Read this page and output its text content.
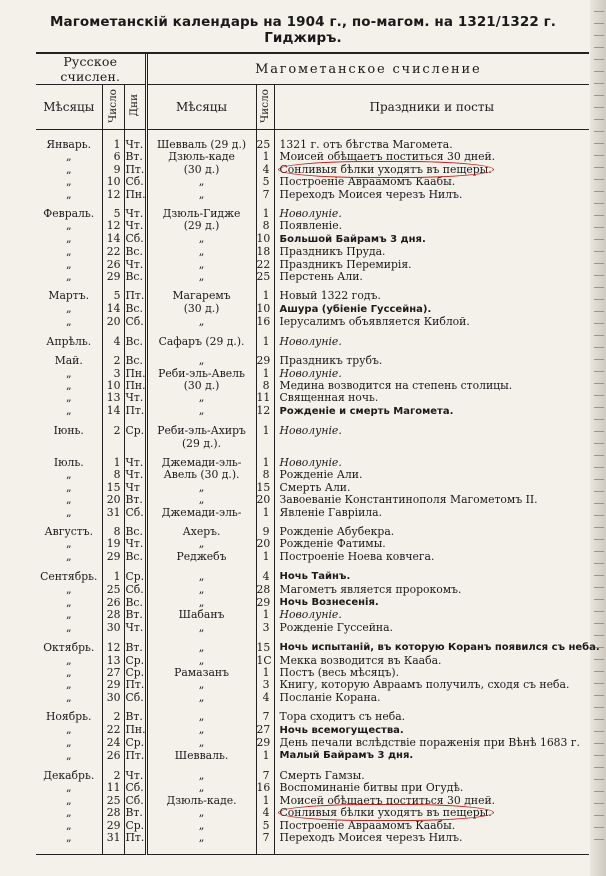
Магометанскій календарь на 1904 г., по-магом. на 1321/1322 г. Гиджиръ.
Русское счислен.			Магометанское счисление		
Мѣсяцы	Число	Дни	Мѣсяцы	Число	Праздники и посты
Январь.	1	Чт.	Шевваль (29 д.)	25	1321 г. отъ бѣгства Магомета.
„	6	Вт.	Дзюль-каде	1	Моисей обѣщаетъ поститься 30 дней.
„	9	Пт.	(30 д.)	4	Сонливыя бѣлки уходятъ въ пещеры.
„	10	Сб.	„	5	Построеніе Авраамомъ Каабы.
„	12	Пн.	„	7	Переходъ Моисея черезъ Нилъ.

Февраль.	5	Чт.	Дзюль-Гидже	1	Новолуніе.
„	12	Чт.	(29 д.)	8	Появленіе.
„	14	Сб.	„	10	Большой Байрамъ 3 дня.
„	22	Вс.	„	18	Праздникъ Пруда.
„	26	Чт.	„	22	Праздникъ Перемирія.
„	29	Вс.	„	25	Перстень Али.

Мартъ.	5	Пт.	Магаремъ	1	Новый 1322 годъ.
„	14	Вс.	(30 д.)	10	Ашура (убіеніе Гуссейна).
„	20	Сб.	„	16	Іерусалимъ объявляется Киблой.

Апрѣль.	4	Вс.	Сафаръ (29 д.).	1	Новолуніе.

Май.	2	Вс.	„	29	Праздникъ трубъ.
„	3	Пн.	Реби-эль-Авель	1	Новолуніе.
„	10	Пн.	(30 д.)	8	Медина возводится на степень столицы.
„	13	Чт.	„	11	Священная ночь.
„	14	Пт.	„	12	Рожденіе и смерть Магомета.

Іюнь.	2	Ср.	Реби-эль-Ахиръ	1	Новолуніе.
			(29 д.).		

Іюль.	1	Чт.	Джемади-эль-	1	Новолуніе.
„	8	Чт.	Авель (30 д.).	8	Рожденіе Али.
„	15	Чт	„	15	Смерть Али.
„	20	Вт.	„	20	Завоеваніе Константинополя Магометомъ II.
„	31	Сб.	Джемади-эль-	1	Явленіе Гавріила.

Августъ.	8	Вс.	Ахеръ.	9	Рожденіе Абубекра.
„	19	Чт.	„	20	Рожденіе Фатимы.
„	29	Вс.	Реджебъ	1	Построеніе Ноева ковчега.

Сентябрь.	1	Ср.	„	4	Ночь Тайнъ.
„	25	Сб.	„	28	Магометъ является пророкомъ.
„	26	Вс.	„	29	Ночь Вознесенія.
„	28	Вт.	Шабанъ	1	Новолуніе.
„	30	Чт.	„	3	Рожденіе Гуссейна.

Октябрь.	12	Вт.	„	15	Ночь испытаній, въ которую Коранъ появился съ неба.
„	13	Ср.	„	1С	Мекка возводится въ Кааба.
„	27	Ср.	Рамазанъ	1	Постъ (весь мѣсяцъ).
„	29	Пт.	„	3	Книгу, которую Авраамъ получилъ, сходя съ неба.
„	30	Сб.	„	4	Посланіе Корана.

Ноябрь.	2	Вт.	„	7	Тора сходитъ съ неба.
„	22	Пн.	„	27	Ночь всемогущества.
„	24	Ср.	„	29	День печали вслѣдствіе пораженія при Вѣнѣ 1683 г.
„	26	Пт.	Шевваль.	1	Малый Байрамъ 3 дня.

Декабрь.	2	Чт.	„	7	Смерть Гамзы.
„	11	Сб.	„	16	Воспоминаніе битвы при Огудѣ.
„	25	Сб.	Дзюль-каде.	1	Моисей обѣщаетъ поститься 30 дней.
„	28	Вт.	„	4	Сонливыя бѣлки уходятъ въ пещеры.
„	29	Ср.	„	5	Построеніе Авраамомъ Каабы.
„	31	Пт.	„	7	Переходъ Моисея черезъ Нилъ.
